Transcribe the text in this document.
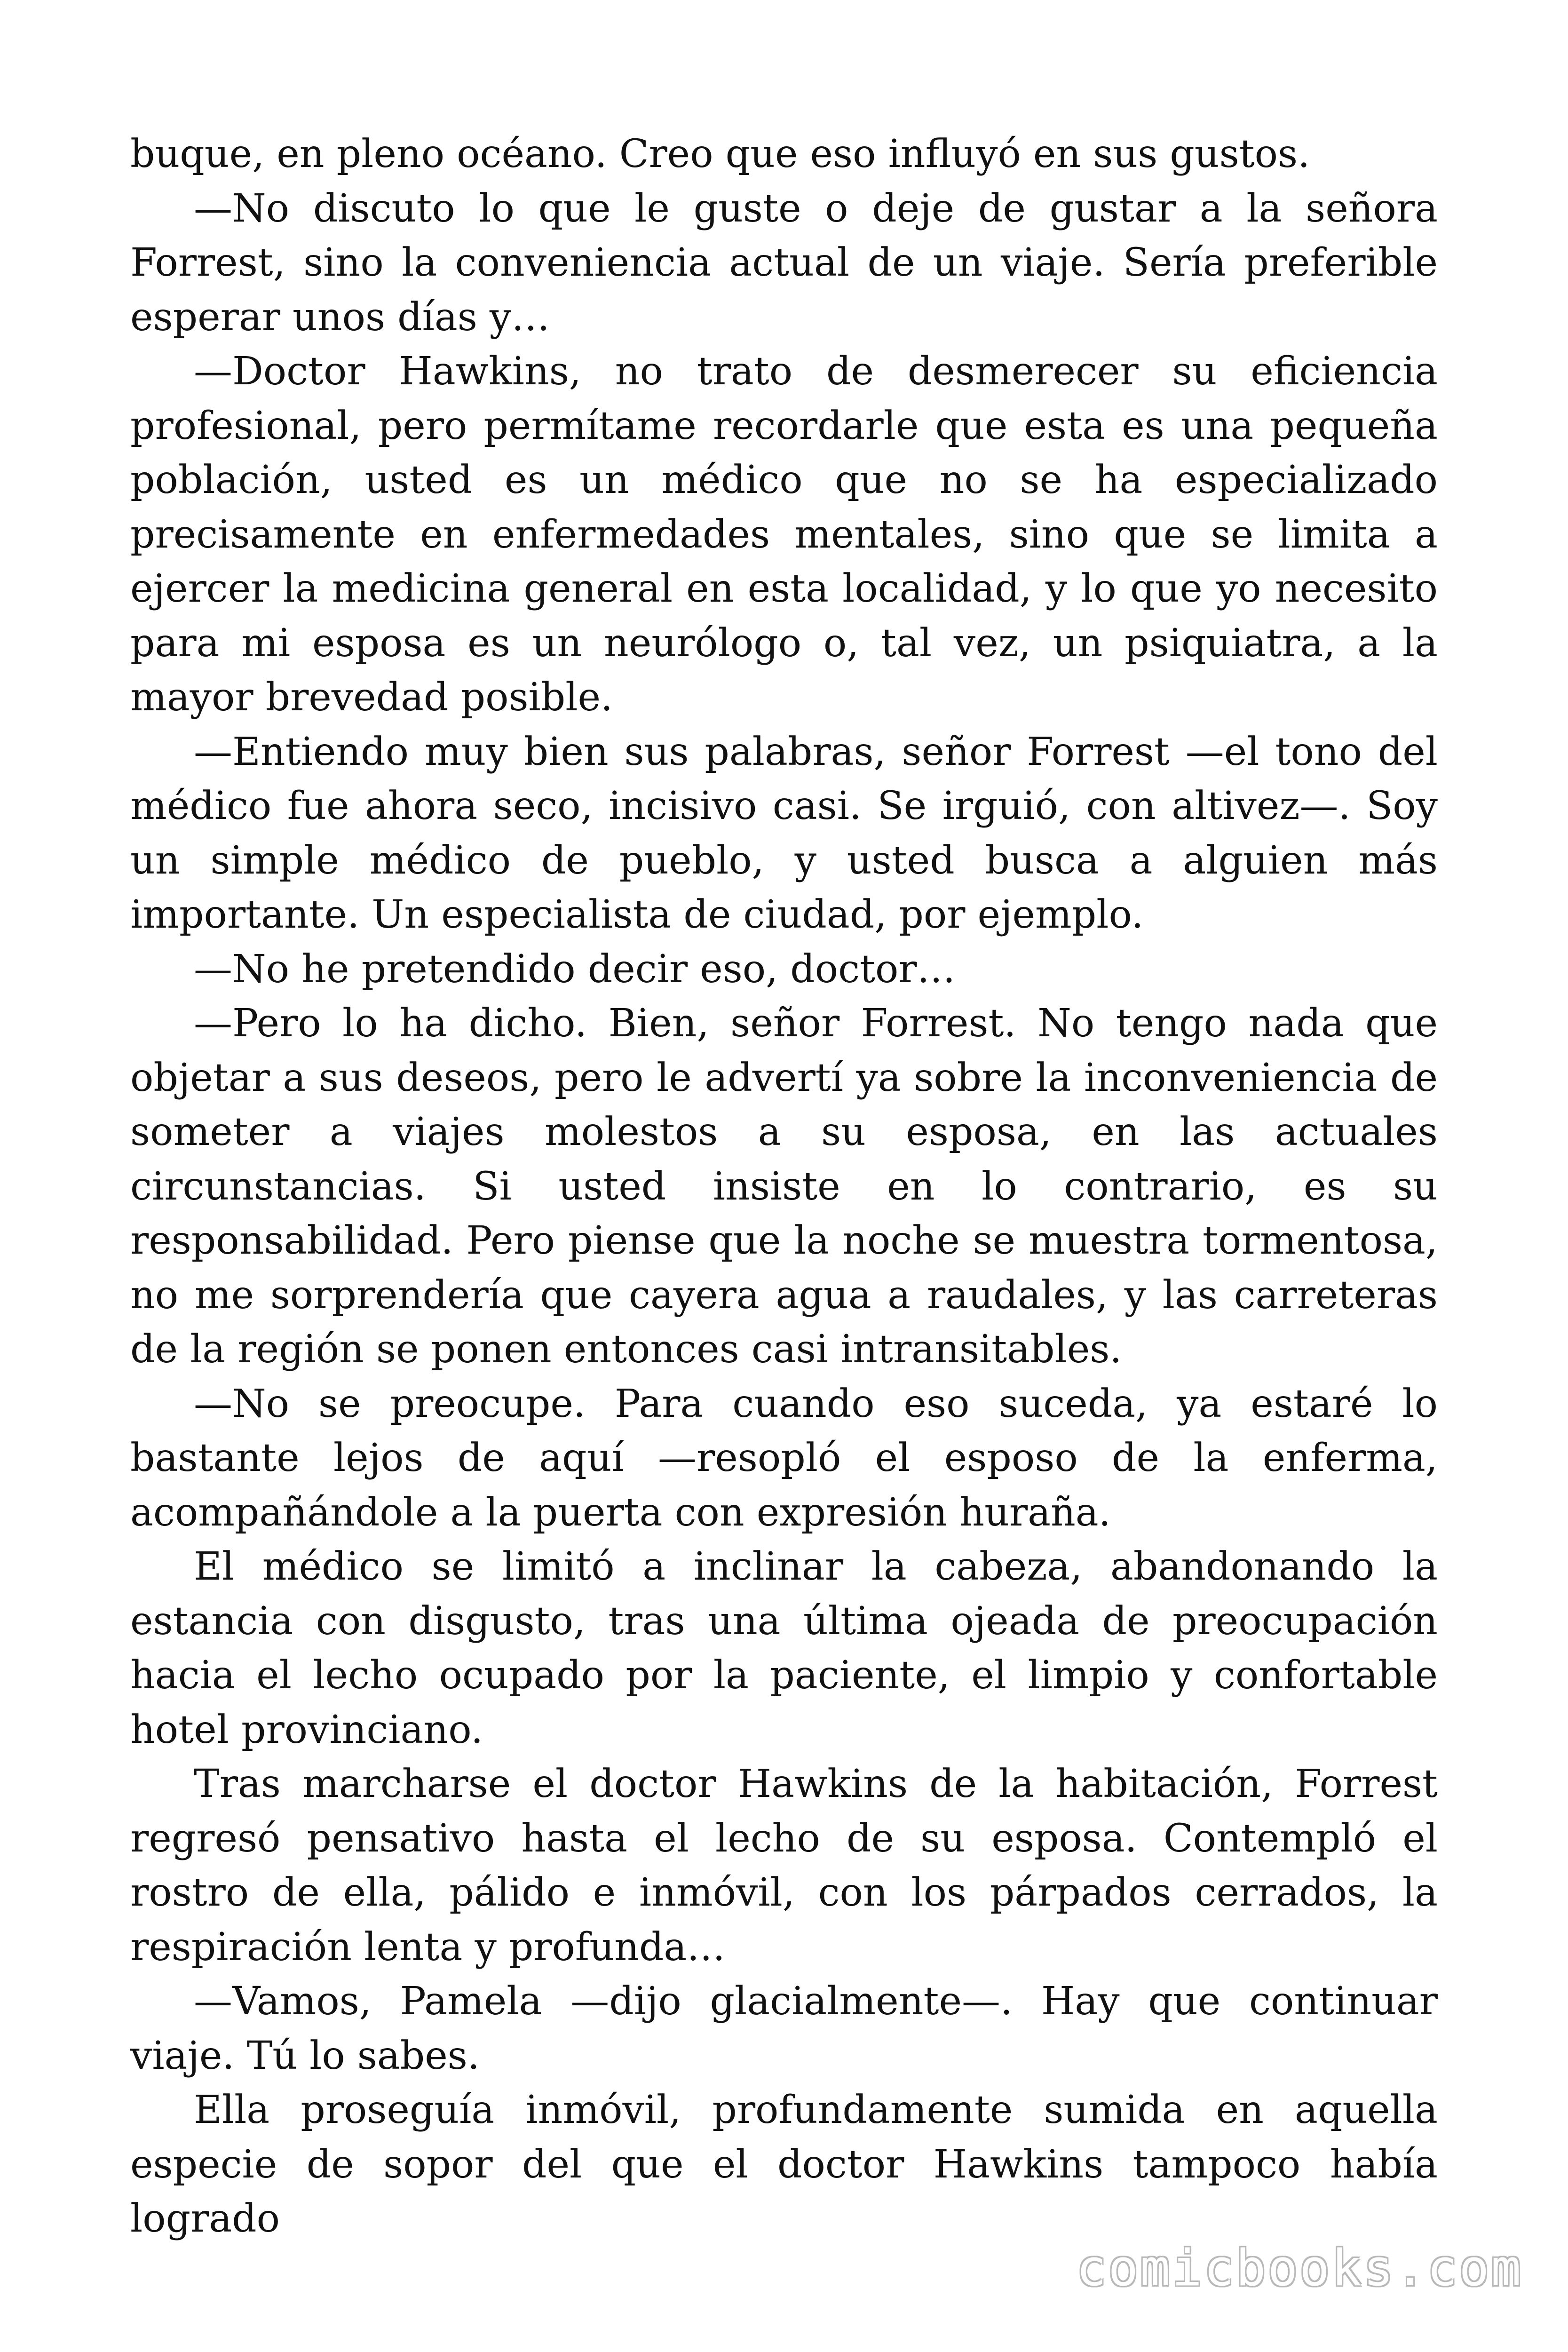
buque, en pleno océano. Creo que eso influyó en sus gustos.

—No discuto lo que le guste o deje de gustar a la señora Forrest, sino la conveniencia actual de un viaje. Sería preferible esperar unos días y…

—Doctor Hawkins, no trato de desmerecer su eficiencia profesional, pero permítame recordarle que esta es una pequeña población, usted es un médico que no se ha especializado precisamente en enfermedades mentales, sino que se limita a ejercer la medicina general en esta localidad, y lo que yo necesito para mi esposa es un neurólogo o, tal vez, un psiquiatra, a la mayor brevedad posible.

—Entiendo muy bien sus palabras, señor Forrest —el tono del médico fue ahora seco, incisivo casi. Se irguió, con altivez—. Soy un simple médico de pueblo, y usted busca a alguien más importante. Un especialista de ciudad, por ejemplo.

—No he pretendido decir eso, doctor…

—Pero lo ha dicho. Bien, señor Forrest. No tengo nada que objetar a sus deseos, pero le advertí ya sobre la inconveniencia de someter a viajes molestos a su esposa, en las actuales circunstancias. Si usted insiste en lo contrario, es su responsabilidad. Pero piense que la noche se muestra tormentosa, no me sorprendería que cayera agua a raudales, y las carreteras de la región se ponen entonces casi intransitables.

—No se preocupe. Para cuando eso suceda, ya estaré lo bastante lejos de aquí —resopló el esposo de la enferma, acompañándole a la puerta con expresión huraña.

El médico se limitó a inclinar la cabeza, abandonando la estancia con disgusto, tras una última ojeada de preocupación hacia el lecho ocupado por la paciente, el limpio y confortable hotel provinciano.

Tras marcharse el doctor Hawkins de la habitación, Forrest regresó pensativo hasta el lecho de su esposa. Contempló el rostro de ella, pálido e inmóvil, con los párpados cerrados, la respiración lenta y profunda…

—Vamos, Pamela —dijo glacialmente—. Hay que continuar viaje. Tú lo sabes.

Ella proseguía inmóvil, profundamente sumida en aquella especie de sopor del que el doctor Hawkins tampoco había logrado

comicbooks.com
